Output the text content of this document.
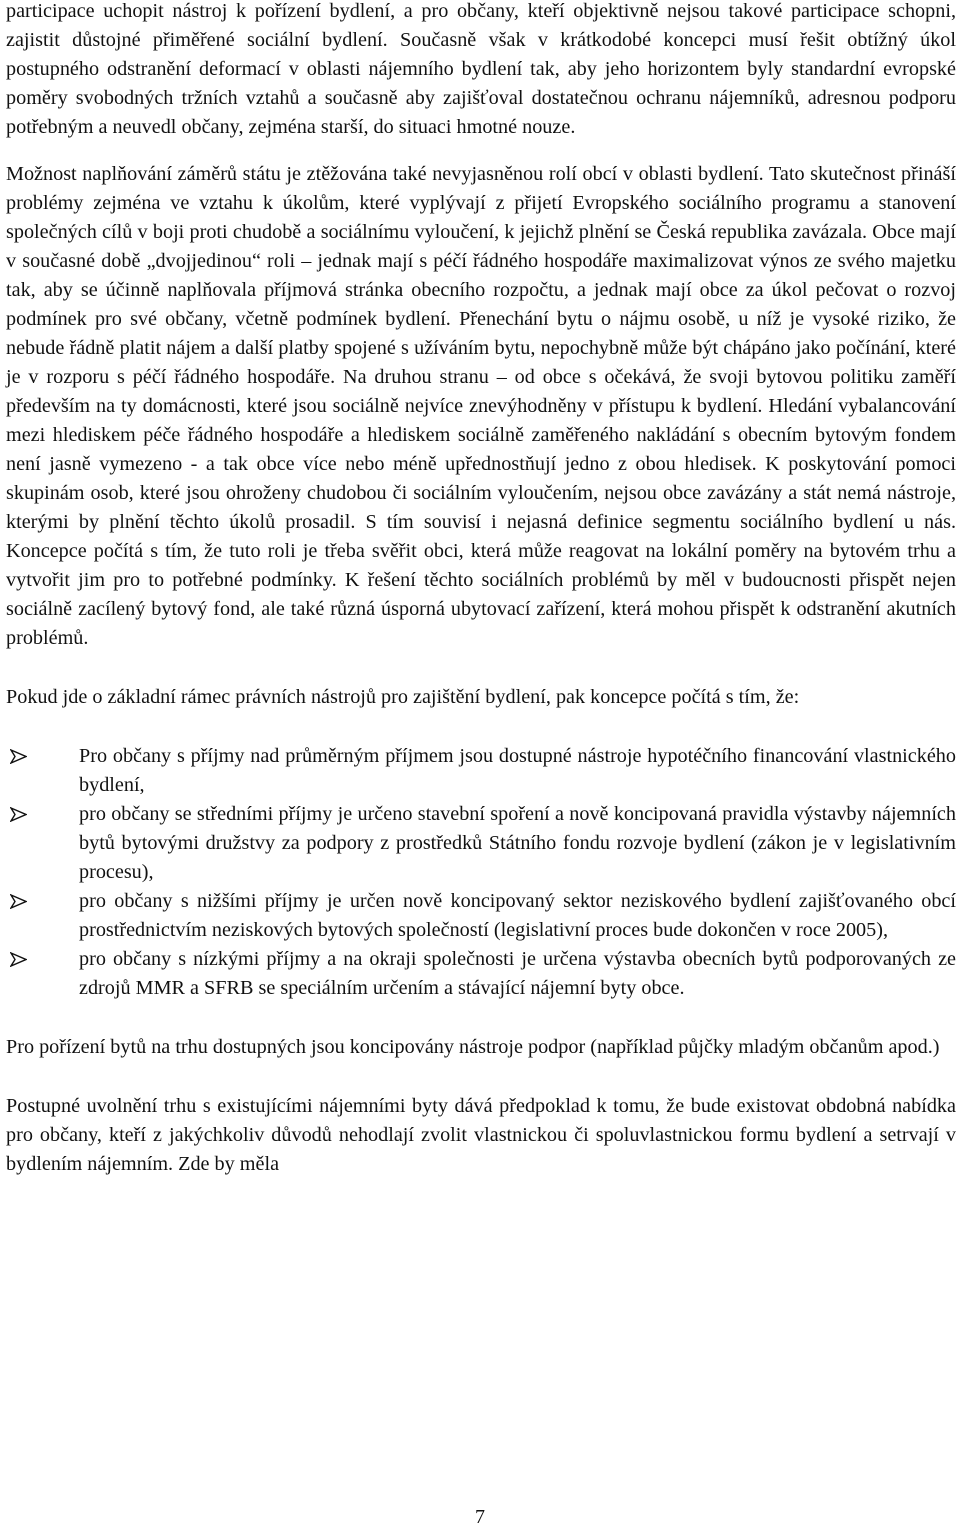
participace uchopit nástroj k pořízení bydlení, a pro občany, kteří objektivně nejsou takové participace schopni, zajistit důstojné přiměřené sociální bydlení. Současně však v krátkodobé koncepci musí řešit obtížný úkol postupného odstranění deformací v oblasti nájemního bydlení tak, aby jeho horizontem byly standardní evropské poměry svobodných tržních vztahů a současně aby zajišťoval dostatečnou ochranu nájemníků, adresnou podporu potřebným a neuvedl občany, zejména starší, do situaci hmotné nouze.

Možnost naplňování záměrů státu je ztěžována také nevyjasněnou rolí obcí v oblasti bydlení. Tato skutečnost přináší problémy zejména ve vztahu k úkolům, které vyplývají z přijetí Evropského sociálního programu a stanovení společných cílů v boji proti chudobě a sociálnímu vyloučení, k jejichž plnění se Česká republika zavázala. Obce mají v současné době „dvojjedinou“ roli – jednak mají s péčí řádného hospodáře maximalizovat výnos ze svého majetku tak, aby se účinně naplňovala příjmová stránka obecního rozpočtu, a jednak mají obce za úkol pečovat o rozvoj podmínek pro své občany, včetně podmínek bydlení. Přenechání bytu o nájmu osobě, u níž je vysoké riziko, že nebude řádně platit nájem a další platby spojené s užíváním bytu, nepochybně může být chápáno jako počínání, které je v rozporu s péčí řádného hospodáře. Na druhou stranu – od obce s očekává, že svoji bytovou politiku zaměří především na ty domácnosti, které jsou sociálně nejvíce znevýhodněny v přístupu k bydlení. Hledání vybalancování mezi hlediskem péče řádného hospodáře a hlediskem sociálně zaměřeného nakládání s obecním bytovým fondem není jasně vymezeno - a tak obce více nebo méně upřednostňují jedno z obou hledisek. K poskytování pomoci skupinám osob, které jsou ohroženy chudobou či sociálním vyloučením, nejsou obce zavázány a stát nemá nástroje, kterými by plnění těchto úkolů prosadil. S tím souvisí i nejasná definice segmentu sociálního bydlení u nás. Koncepce počítá s tím, že tuto roli je třeba svěřit obci, která může reagovat na lokální poměry na bytovém trhu a vytvořit jim pro to potřebné podmínky. K řešení těchto sociálních problémů by měl v budoucnosti přispět nejen sociálně zacílený bytový fond, ale také různá úsporná ubytovací zařízení, která mohou přispět k odstranění akutních problémů.

Pokud jde o základní rámec právních nástrojů pro zajištění bydlení, pak koncepce počítá s tím, že:

Pro občany s příjmy nad průměrným příjmem jsou dostupné nástroje hypotéčního financování vlastnického bydlení,
pro občany se středními příjmy je určeno stavební spoření a nově koncipovaná pravidla výstavby nájemních bytů bytovými družstvy za podpory z prostředků Státního fondu rozvoje bydlení (zákon je v legislativním procesu),
pro občany s nižšími příjmy je určen nově koncipovaný sektor neziskového bydlení zajišťovaného obcí prostřednictvím neziskových bytových společností (legislativní proces bude dokončen v roce 2005),
pro občany s nízkými příjmy a na okraji společnosti je určena výstavba obecních bytů podporovaných ze zdrojů MMR a SFRB se speciálním určením a stávající nájemní byty obce.

Pro pořízení bytů na trhu dostupných jsou koncipovány nástroje podpor (například půjčky mladým občanům apod.)

Postupné uvolnění trhu s existujícími nájemními byty dává předpoklad k tomu, že bude existovat obdobná nabídka pro občany, kteří z jakýchkoliv důvodů nehodlají zvolit vlastnickou či spoluvlastnickou formu bydlení a setrvají v bydlením nájemním. Zde by měla

7
